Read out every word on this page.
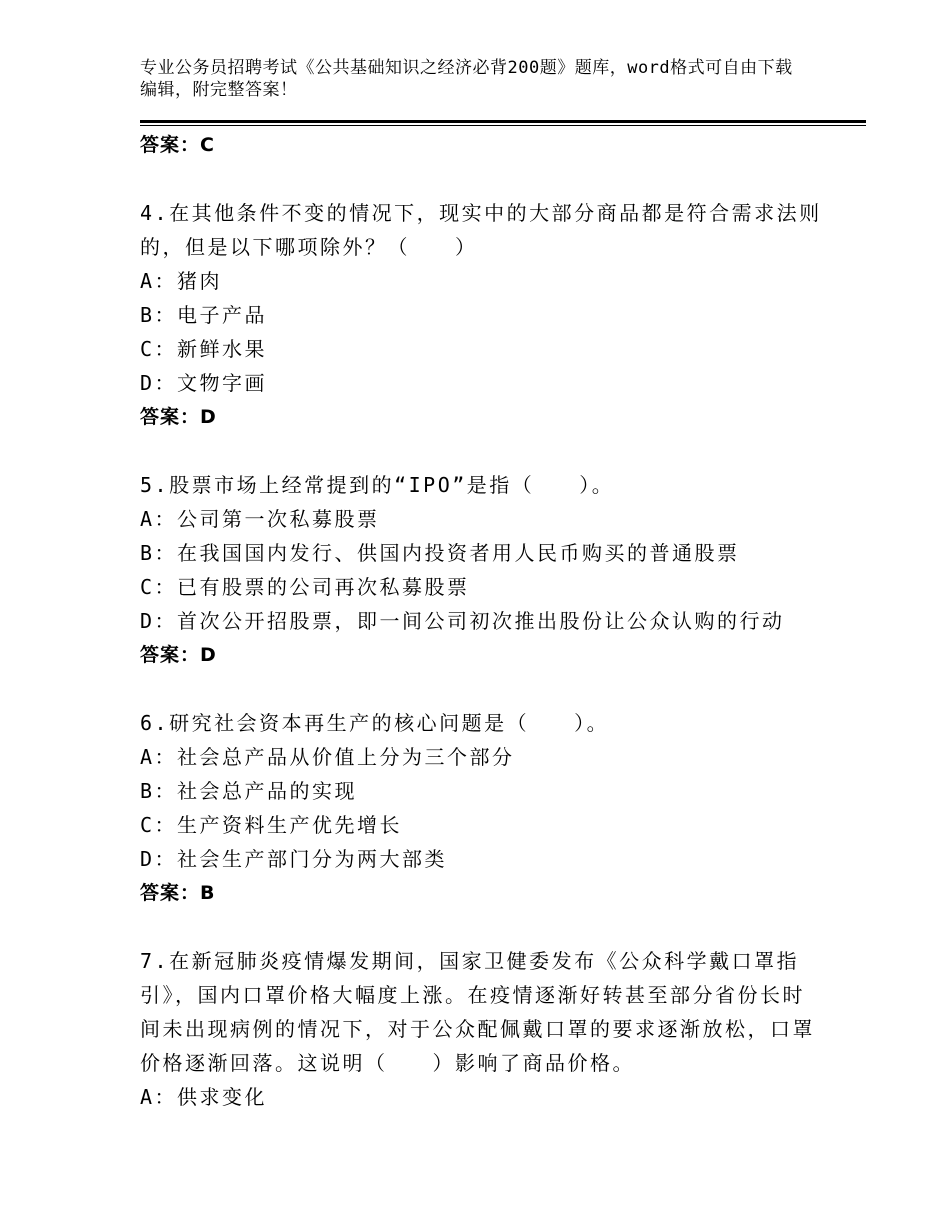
专业公务员招聘考试《公共基础知识之经济必背200题》题库，word格式可自由下载编辑，附完整答案！
答案：C
4.在其他条件不变的情况下，现实中的大部分商品都是符合需求法则
的，但是以下哪项除外？（　　）
A：猪肉
B：电子产品
C：新鲜水果
D：文物字画
答案：D
5.股票市场上经常提到的“IPO”是指（　　）。
A：公司第一次私募股票
B：在我国国内发行、供国内投资者用人民币购买的普通股票
C：已有股票的公司再次私募股票
D：首次公开招股票，即一间公司初次推出股份让公众认购的行动
答案：D
6.研究社会资本再生产的核心问题是（　　）。
A：社会总产品从价值上分为三个部分
B：社会总产品的实现
C：生产资料生产优先增长
D：社会生产部门分为两大部类
答案：B
7.在新冠肺炎疫情爆发期间，国家卫健委发布《公众科学戴口罩指
引》，国内口罩价格大幅度上涨。在疫情逐渐好转甚至部分省份长时
间未出现病例的情况下，对于公众配佩戴口罩的要求逐渐放松，口罩
价格逐渐回落。这说明（　　）影响了商品价格。
A：供求变化
